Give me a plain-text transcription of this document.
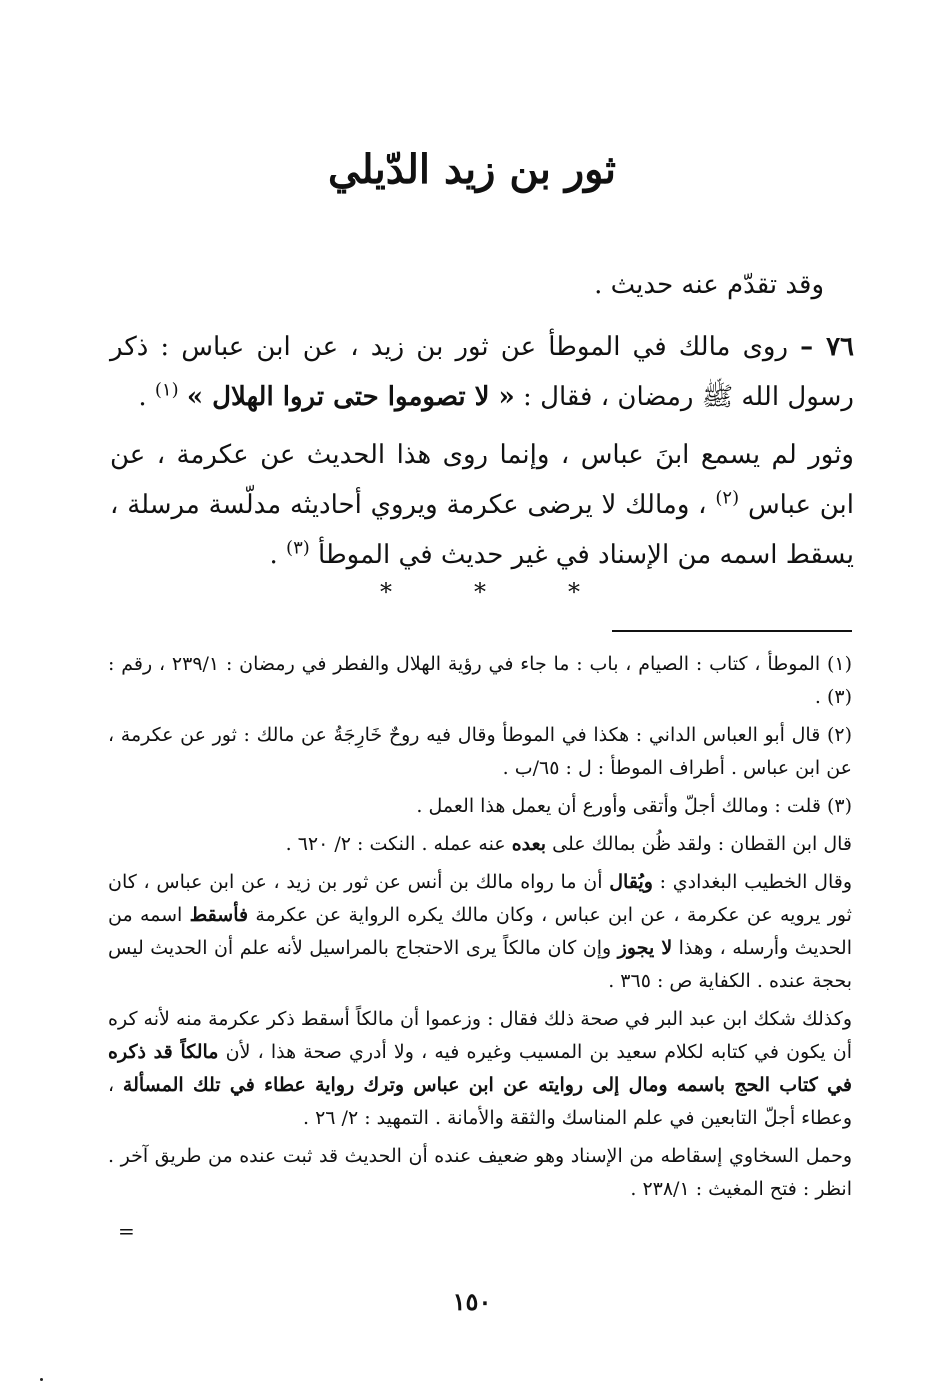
ثور بن زيد الدّيلي
وقد تقدّم عنه حديث .
٧٦ – روى مالك في الموطأ عن ثور بن زيد ، عن ابن عباس : ذكر رسول الله ﷺ رمضان ، فقال : « لا تصوموا حتى تروا الهلال » $^{(١)}$ .
وثور لم يسمع ابنَ عباس ، وإنما روى هذا الحديث عن عكرمة ، عن ابن عباس $^{(٢)}$ ، ومالك لا يرضى عكرمة ويروي أحاديثه مدلّسة مرسلة ، يسقط اسمه من الإسناد في غير حديث في الموطأ $^{(٣)}$ .
*	*	*

(١) الموطأ ، كتاب : الصيام ، باب : ما جاء في رؤية الهلال والفطر في رمضان : ٢٣٩/١ ، رقم : (٣) .

(٢) قال أبو العباس الداني : هكذا في الموطأ وقال فيه روحٌ خَارِجَةُ عن مالك : ثور عن عكرمة ، عن ابن عباس . أطراف الموطأ : ل : ٦٥/ب .

(٣) قلت : ومالك أجلّ وأتقى وأورع أن يعمل هذا العمل .

قال ابن القطان : ولقد ظُن بمالك على بعده عنه عمله . النكت : ٢/ ٦٢٠ .

وقال الخطيب البغدادي : ويُقال أن ما رواه مالك بن أنس عن ثور بن زيد ، عن ابن عباس ، كان ثور يرويه عن عكرمة ، عن ابن عباس ، وكان مالك يكره الرواية عن عكرمة فأسقط اسمه من الحديث وأرسله ، وهذا لا يجوز وإن كان مالكاً يرى الاحتجاج بالمراسيل لأنه علم أن الحديث ليس بحجة عنده . الكفاية ص : ٣٦٥ .

وكذلك شكك ابن عبد البر في صحة ذلك فقال : وزعموا أن مالكاً أسقط ذكر عكرمة منه لأنه كره أن يكون في كتابه لكلام سعيد بن المسيب وغيره فيه ، ولا أدري صحة هذا ، لأن مالكاً قد ذكره في كتاب الحج باسمه ومال إلى روايته عن ابن عباس وترك رواية عطاء في تلك المسألة ، وعطاء أجلّ التابعين في علم المناسك والثقة والأمانة . التمهيد : ٢/ ٢٦ .

وحمل السخاوي إسقاطه من الإسناد وهو ضعيف عنده أن الحديث قد ثبت عنده من طريق آخر . انظر : فتح المغيث : ٢٣٨/١ .

=
١٥٠
